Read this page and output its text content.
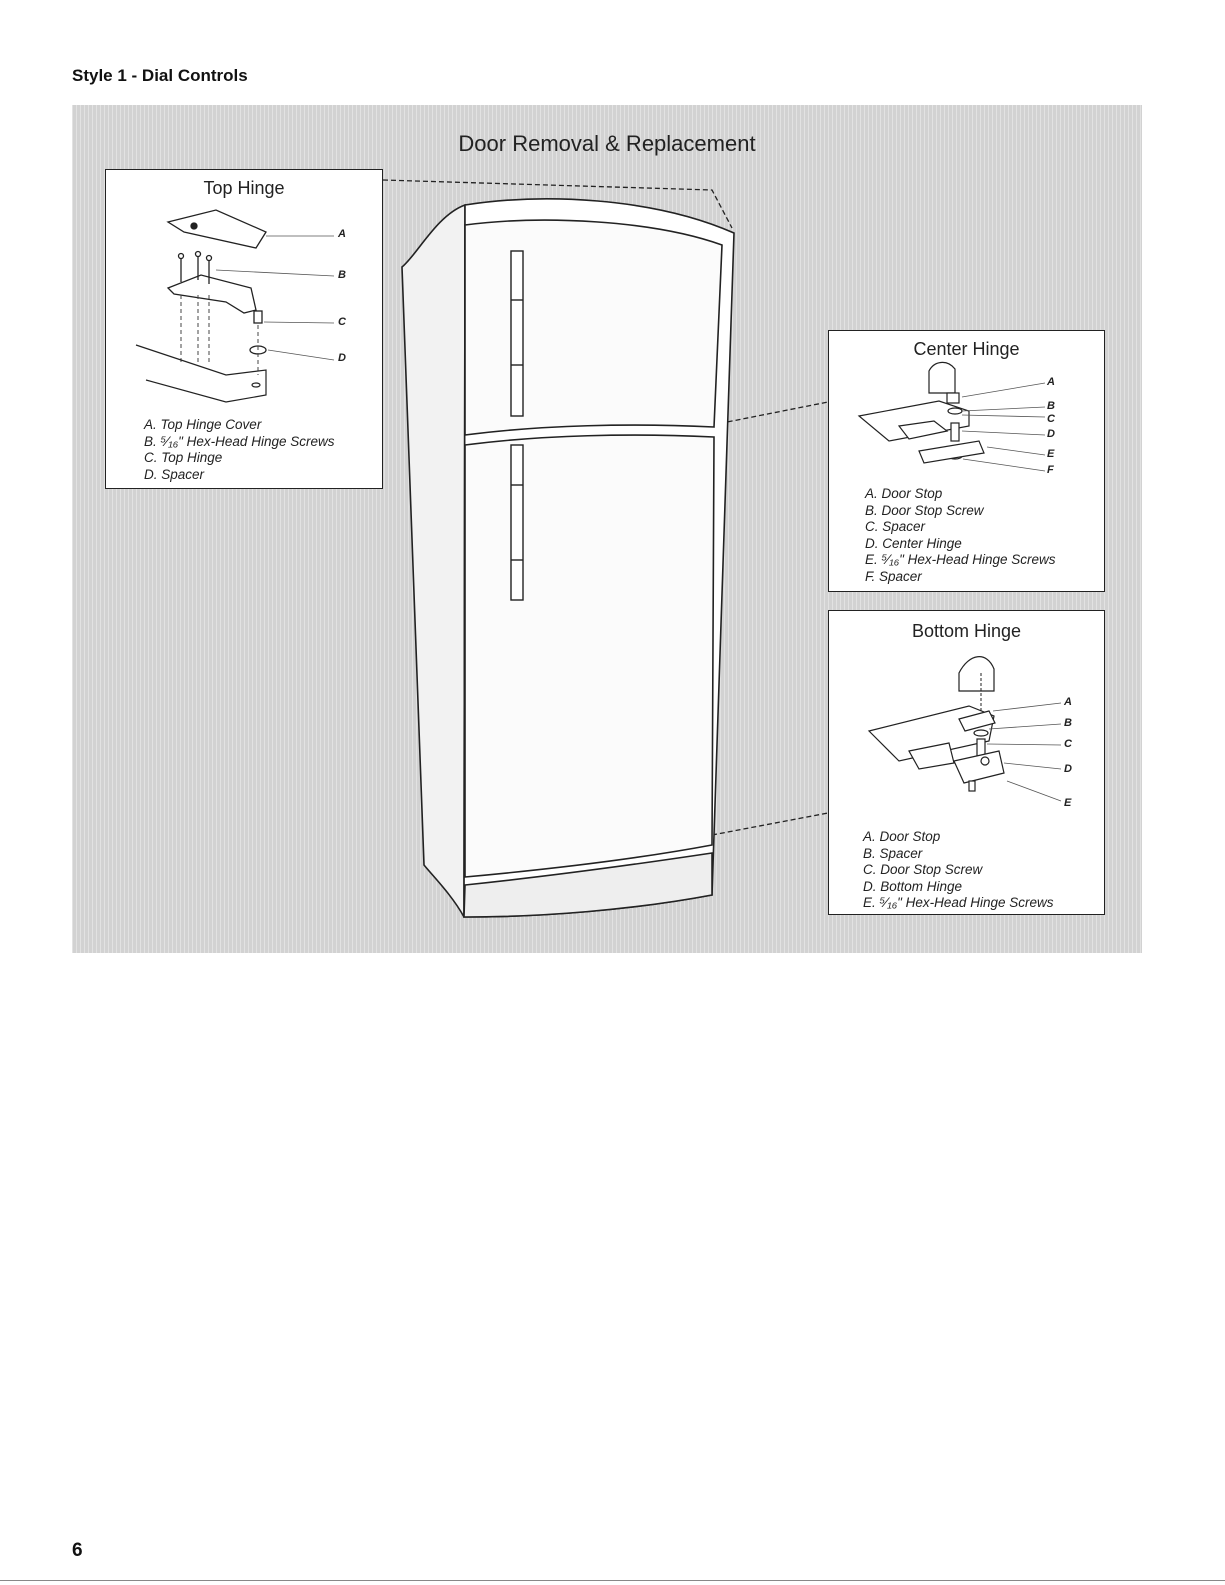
Style 1 - Dial Controls
Door Removal & Replacement
Top Hinge
A
B
C
D
A. Top Hinge Cover
B. ⁵⁄₁₆" Hex-Head Hinge Screws
C. Top Hinge
D. Spacer
Center Hinge
A
B
C
D
E
F
A. Door Stop
B. Door Stop Screw
C. Spacer
D. Center Hinge
E. ⁵⁄₁₆" Hex-Head Hinge Screws
F. Spacer
Bottom Hinge
A
B
C
D
E
A. Door Stop
B. Spacer
C. Door Stop Screw
D. Bottom Hinge
E. ⁵⁄₁₆" Hex-Head Hinge Screws
6
